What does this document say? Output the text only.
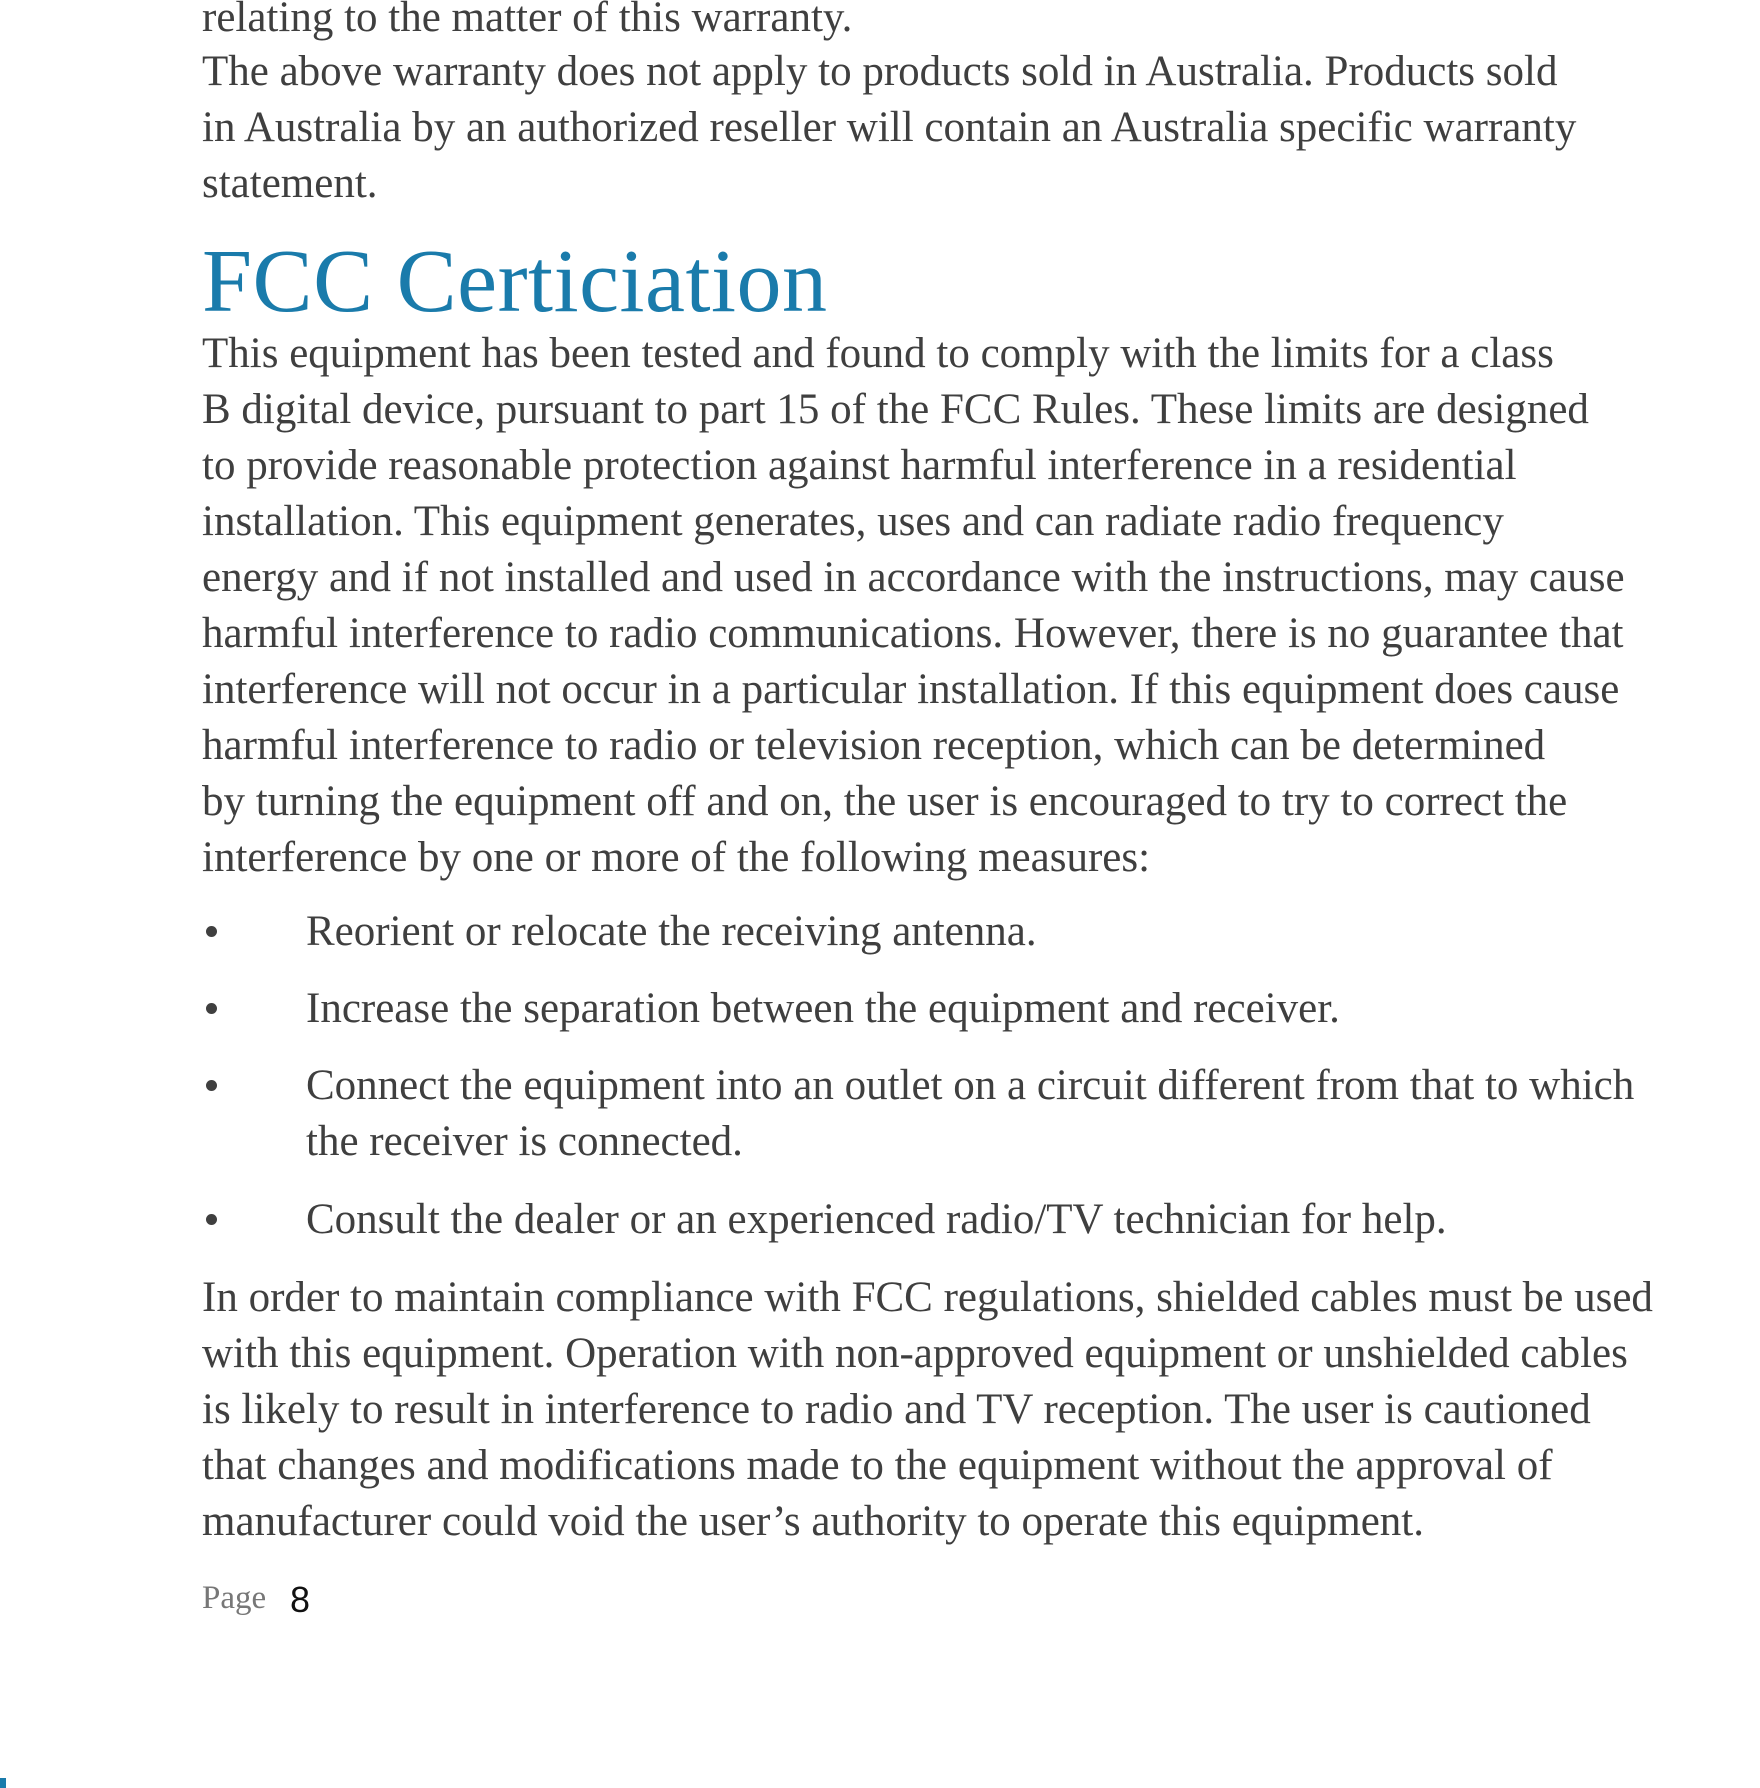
relating to the matter of this warranty.
The above warranty does not apply to products sold in Australia. Products sold
in Australia by an authorized reseller will contain an Australia specific warranty
statement.
FCC Certiciation
This equipment has been tested and found to comply with the limits for a class
B digital device, pursuant to part 15 of the FCC Rules. These limits are designed
to provide reasonable protection against harmful interference in a residential
installation. This equipment generates, uses and can radiate radio frequency
energy and if not installed and used in accordance with the instructions, may cause
harmful interference to radio communications. However, there is no guarantee that
interference will not occur in a particular installation. If this equipment does cause
harmful interference to radio or television reception, which can be determined
by turning the equipment off and on, the user is encouraged to try to correct the
interference by one or more of the following measures:
Reorient or relocate the receiving antenna.
Increase the separation between the equipment and receiver.
Connect the equipment into an outlet on a circuit different from that to which
the receiver is connected.
Consult the dealer or an experienced radio/TV technician for help.
In order to maintain compliance with FCC regulations, shielded cables must be used
with this equipment. Operation with non-approved equipment or unshielded cables
is likely to result in interference to radio and TV reception. The user is cautioned
that changes and modifications made to the equipment without the approval of
manufacturer could void the user’s authority to operate this equipment.
Page 8
